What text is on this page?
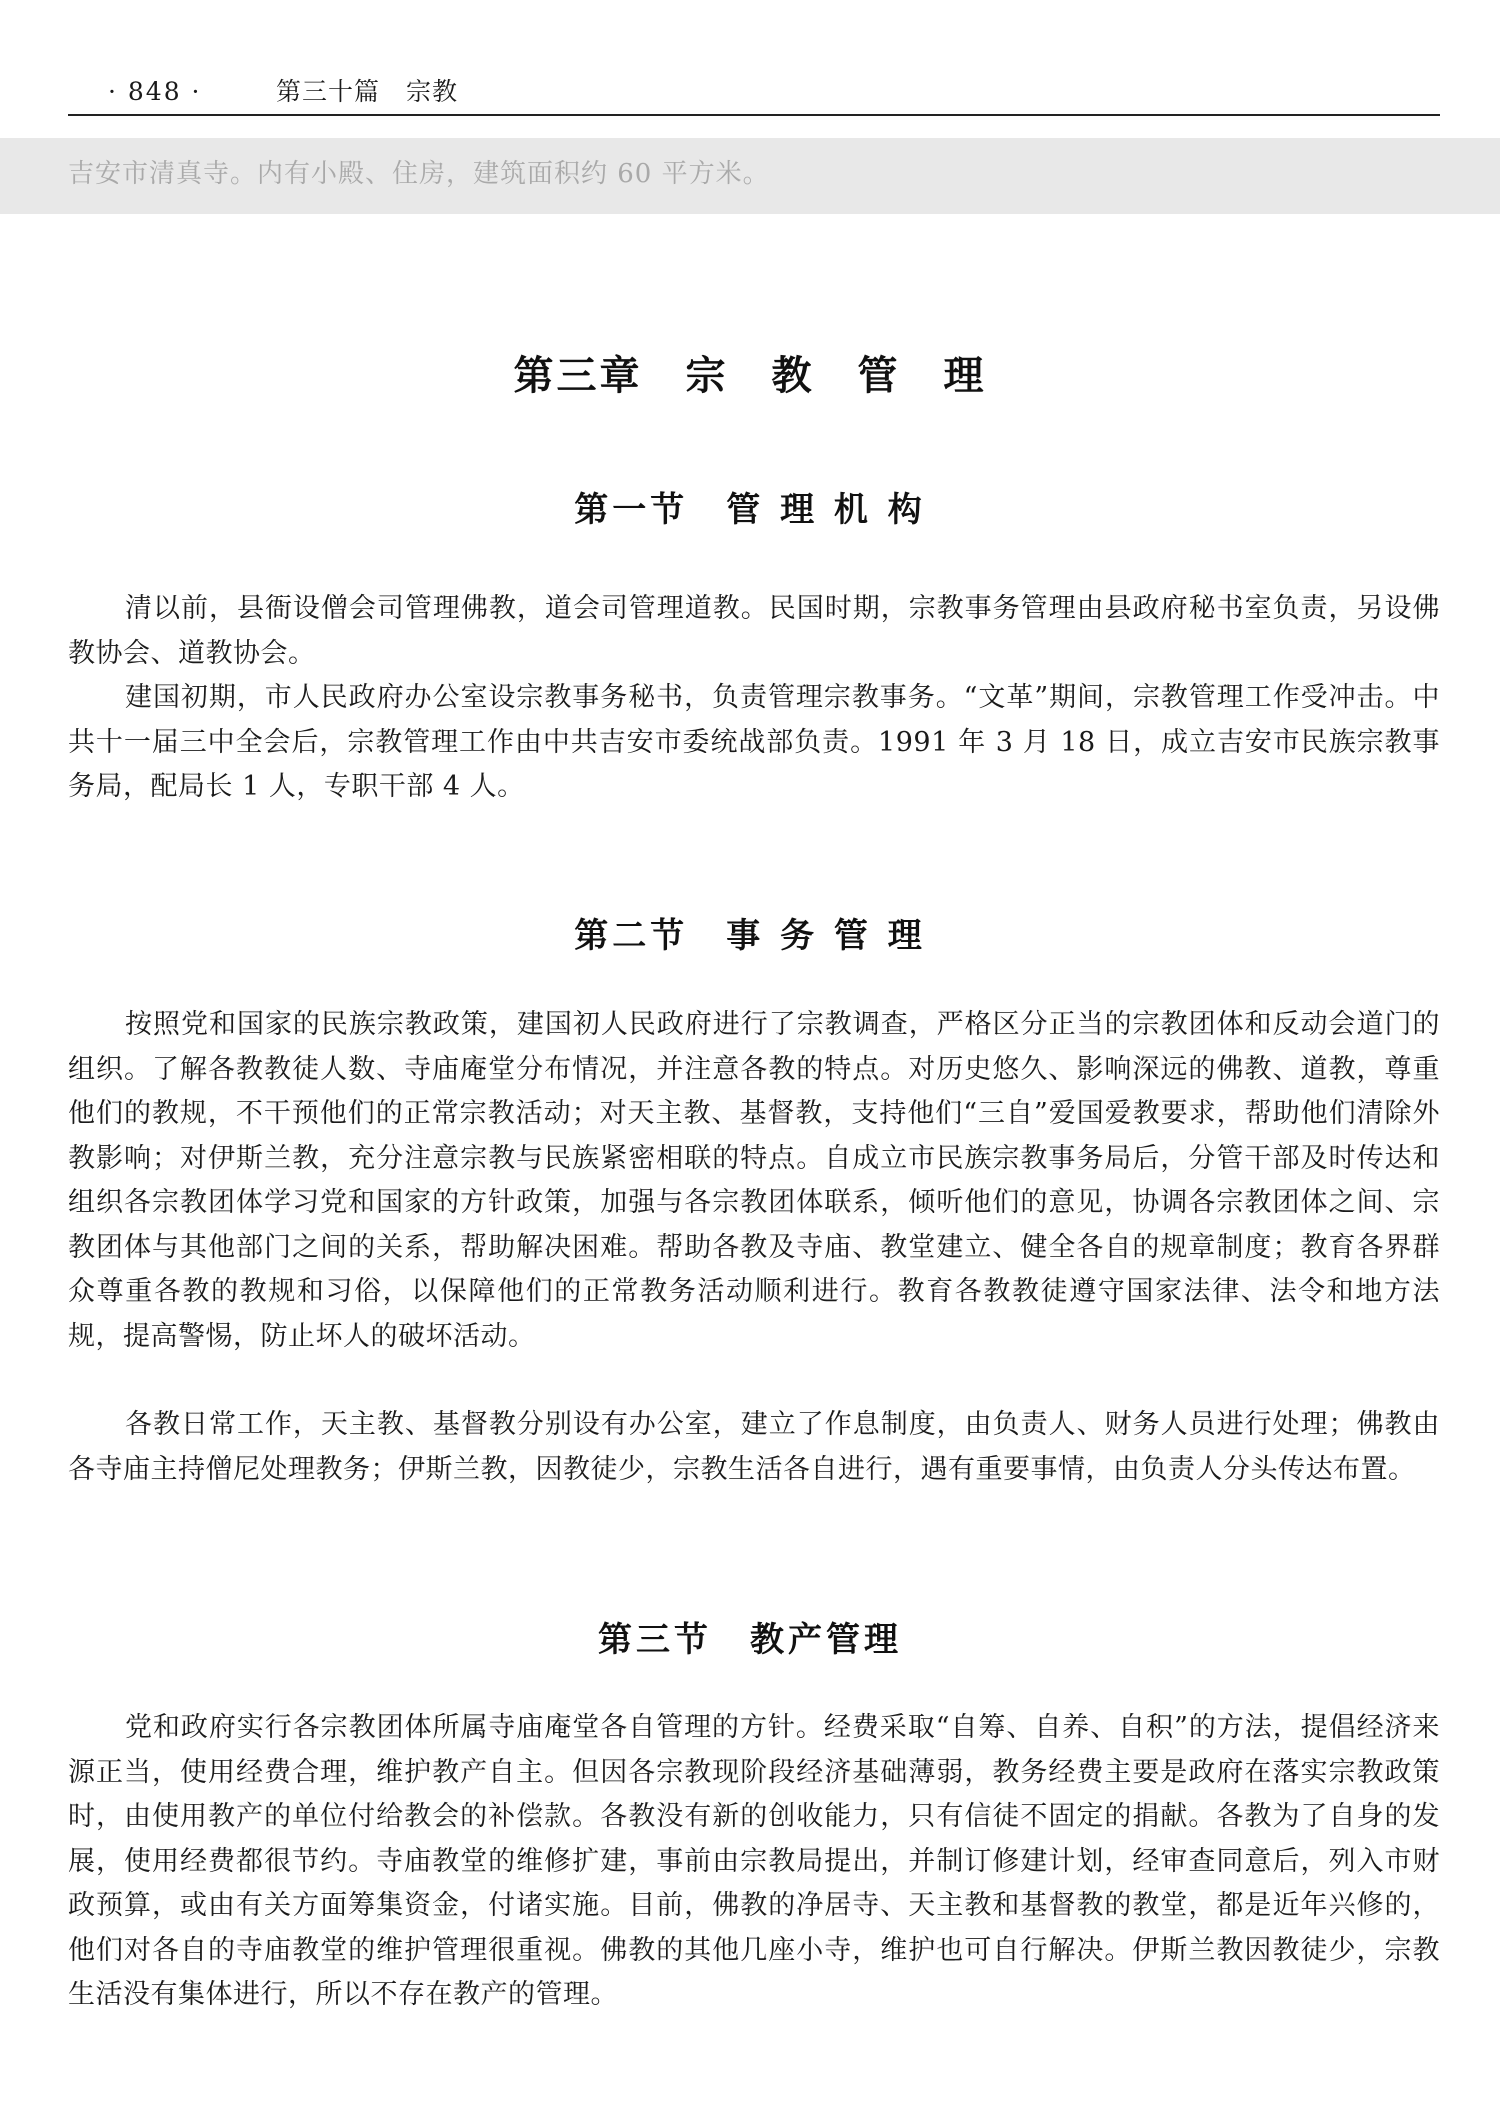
· 848 ·	第三十篇　宗教
吉安市清真寺。内有小殿、住房，建筑面积约 60 平方米。
第三章　宗　教　管　理
第一节　管 理 机 构

清以前，县衙设僧会司管理佛教，道会司管理道教。民国时期，宗教事务管理由县政府秘书室负责，另设佛教协会、道教协会。

建国初期，市人民政府办公室设宗教事务秘书，负责管理宗教事务。“文革”期间，宗教管理工作受冲击。中共十一届三中全会后，宗教管理工作由中共吉安市委统战部负责。1991 年 3 月 18 日，成立吉安市民族宗教事务局，配局长 1 人，专职干部 4 人。

第二节　事 务 管 理

按照党和国家的民族宗教政策，建国初人民政府进行了宗教调查，严格区分正当的宗教团体和反动会道门的组织。了解各教教徒人数、寺庙庵堂分布情况，并注意各教的特点。对历史悠久、影响深远的佛教、道教，尊重他们的教规，不干预他们的正常宗教活动；对天主教、基督教，支持他们“三自”爱国爱教要求，帮助他们清除外教影响；对伊斯兰教，充分注意宗教与民族紧密相联的特点。自成立市民族宗教事务局后，分管干部及时传达和组织各宗教团体学习党和国家的方针政策，加强与各宗教团体联系，倾听他们的意见，协调各宗教团体之间、宗教团体与其他部门之间的关系，帮助解决困难。帮助各教及寺庙、教堂建立、健全各自的规章制度；教育各界群众尊重各教的教规和习俗，以保障他们的正常教务活动顺利进行。教育各教教徒遵守国家法律、法令和地方法规，提高警惕，防止坏人的破坏活动。

各教日常工作，天主教、基督教分别设有办公室，建立了作息制度，由负责人、财务人员进行处理；佛教由各寺庙主持僧尼处理教务；伊斯兰教，因教徒少，宗教生活各自进行，遇有重要事情，由负责人分头传达布置。

第三节　教产管理

党和政府实行各宗教团体所属寺庙庵堂各自管理的方针。经费采取“自筹、自养、自积”的方法，提倡经济来源正当，使用经费合理，维护教产自主。但因各宗教现阶段经济基础薄弱，教务经费主要是政府在落实宗教政策时，由使用教产的单位付给教会的补偿款。各教没有新的创收能力，只有信徒不固定的捐献。各教为了自身的发展，使用经费都很节约。寺庙教堂的维修扩建，事前由宗教局提出，并制订修建计划，经审查同意后，列入市财政预算，或由有关方面筹集资金，付诸实施。目前，佛教的净居寺、天主教和基督教的教堂，都是近年兴修的，他们对各自的寺庙教堂的维护管理很重视。佛教的其他几座小寺，维护也可自行解决。伊斯兰教因教徒少，宗教生活没有集体进行，所以不存在教产的管理。
